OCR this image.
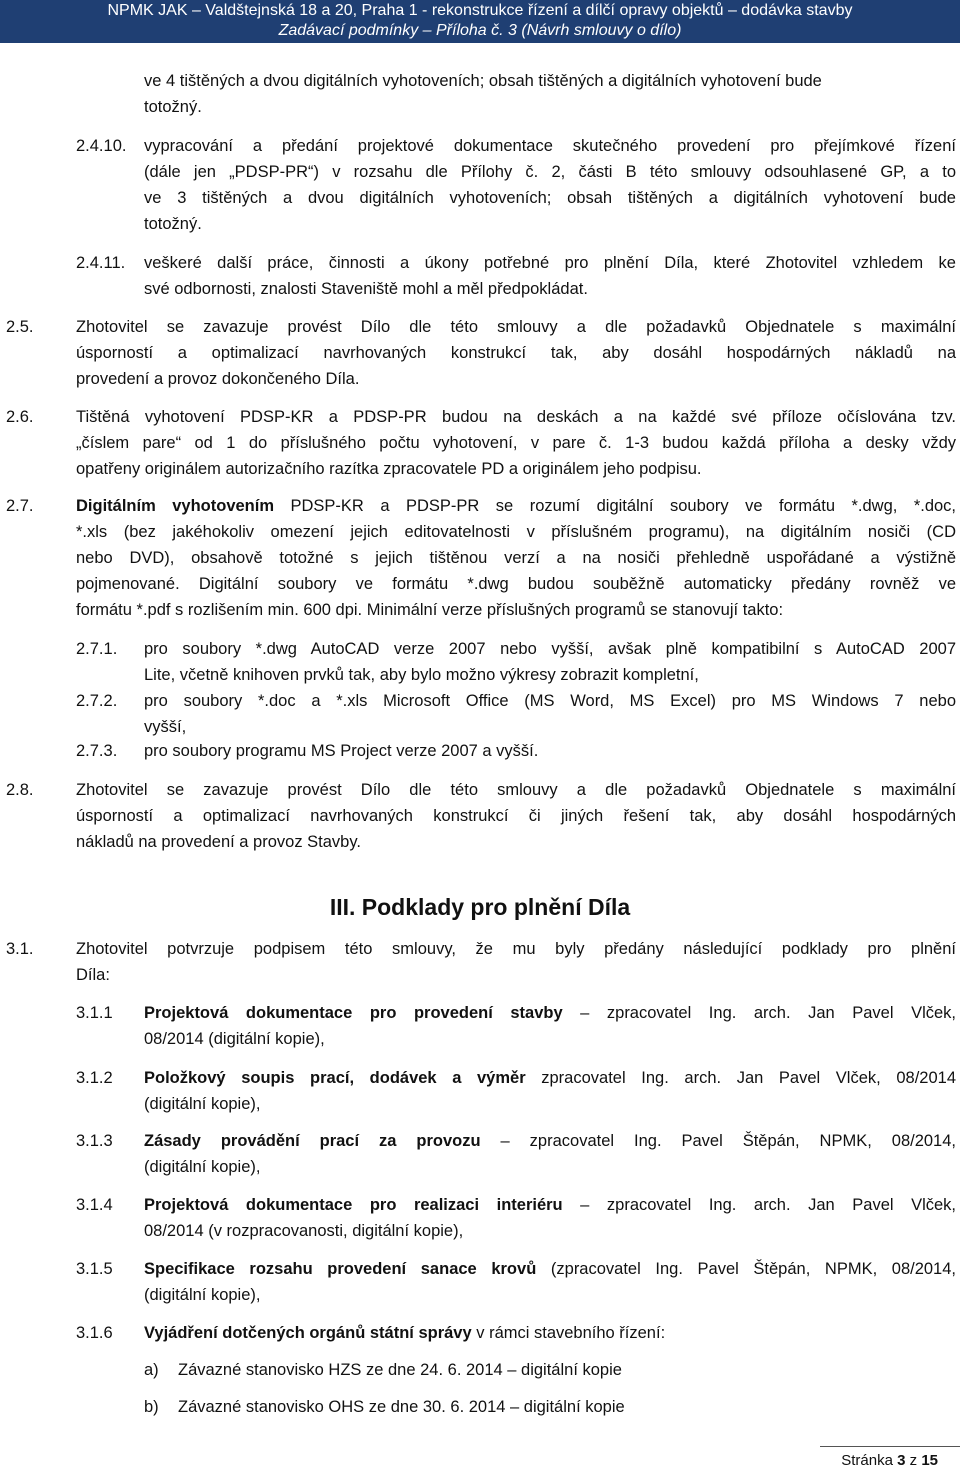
NPMK JAK – Valdštejnská 18 a 20, Praha 1 - rekonstrukce řízení a dílčí opravy objektů – dodávka stavby
Zadávací podmínky – Příloha č. 3 (Návrh smlouvy o dílo)
ve 4 tištěných a dvou digitálních vyhotoveních; obsah tištěných a digitálních vyhotovení bude
totožný.
2.4.10. vypracování a předání projektové dokumentace skutečného provedení pro přejímkové řízení
(dále jen „PDSP-PR“) v rozsahu dle Přílohy č. 2, části B této smlouvy odsouhlasené GP, a to
ve 3 tištěných a dvou digitálních vyhotoveních; obsah tištěných a digitálních vyhotovení bude
totožný.
2.4.11. veškeré další práce, činnosti a úkony potřebné pro plnění Díla, které Zhotovitel vzhledem ke
své odbornosti, znalosti Staveniště mohl a měl předpokládat.
2.5.	Zhotovitel se zavazuje provést Dílo dle této smlouvy a dle požadavků Objednatele s maximální
úsporností a optimalizací navrhovaných konstrukcí tak, aby dosáhl hospodárných nákladů na
provedení a provoz dokončeného Díla.
2.6.	Tištěná vyhotovení PDSP-KR a PDSP-PR budou na deskách a na každé své příloze očíslována tzv.
„číslem pare“ od 1 do příslušného počtu vyhotovení, v pare č. 1-3 budou každá příloha a desky vždy
opatřeny originálem autorizačního razítka zpracovatele PD a originálem jeho podpisu.
2.7.	Digitálním vyhotovením PDSP-KR a PDSP-PR se rozumí digitální soubory ve formátu *.dwg, *.doc,
*.xls (bez jakéhokoliv omezení jejich editovatelnosti v příslušném programu), na digitálním nosiči (CD
nebo DVD), obsahově totožné s jejich tištěnou verzí a na nosiči přehledně uspořádané a výstižně
pojmenované. Digitální soubory ve formátu *.dwg budou souběžně automaticky předány rovněž ve
formátu *.pdf s rozlišením min. 600 dpi. Minimální verze příslušných programů se stanovují takto:
2.7.1. pro soubory *.dwg AutoCAD verze 2007 nebo vyšší, avšak plně kompatibilní s AutoCAD 2007
Lite, včetně knihoven prvků tak, aby bylo možno výkresy zobrazit kompletní,
2.7.2. pro soubory *.doc a *.xls Microsoft Office (MS Word, MS Excel) pro MS Windows 7 nebo
vyšší,
2.7.3. pro soubory programu MS Project verze 2007 a vyšší.
2.8.	Zhotovitel se zavazuje provést Dílo dle této smlouvy a dle požadavků Objednatele s maximální
úsporností a optimalizací navrhovaných konstrukcí či jiných řešení tak, aby dosáhl hospodárných
nákladů na provedení a provoz Stavby.
III. Podklady pro plnění Díla
3.1.	Zhotovitel potvrzuje podpisem této smlouvy, že mu byly předány následující podklady pro plnění
Díla:
3.1.1 Projektová dokumentace pro provedení stavby – zpracovatel Ing. arch. Jan Pavel Vlček,
08/2014 (digitální kopie),
3.1.2 Položkový soupis prací, dodávek a výměr zpracovatel Ing. arch. Jan Pavel Vlček, 08/2014
(digitální kopie),
3.1.3 Zásady provádění prací za provozu – zpracovatel Ing. Pavel Štěpán, NPMK, 08/2014,
(digitální kopie),
3.1.4 Projektová dokumentace pro realizaci interiéru – zpracovatel Ing. arch. Jan Pavel Vlček,
08/2014 (v rozpracovanosti, digitální kopie),
3.1.5 Specifikace rozsahu provedení sanace krovů (zpracovatel Ing. Pavel Štěpán, NPMK, 08/2014,
(digitální kopie),
3.1.6 Vyjádření dotčených orgánů státní správy v rámci stavebního řízení:
a) Závazné stanovisko HZS ze dne 24. 6. 2014 – digitální kopie
b) Závazné stanovisko OHS ze dne 30. 6. 2014 – digitální kopie
Stránka 3 z 15
